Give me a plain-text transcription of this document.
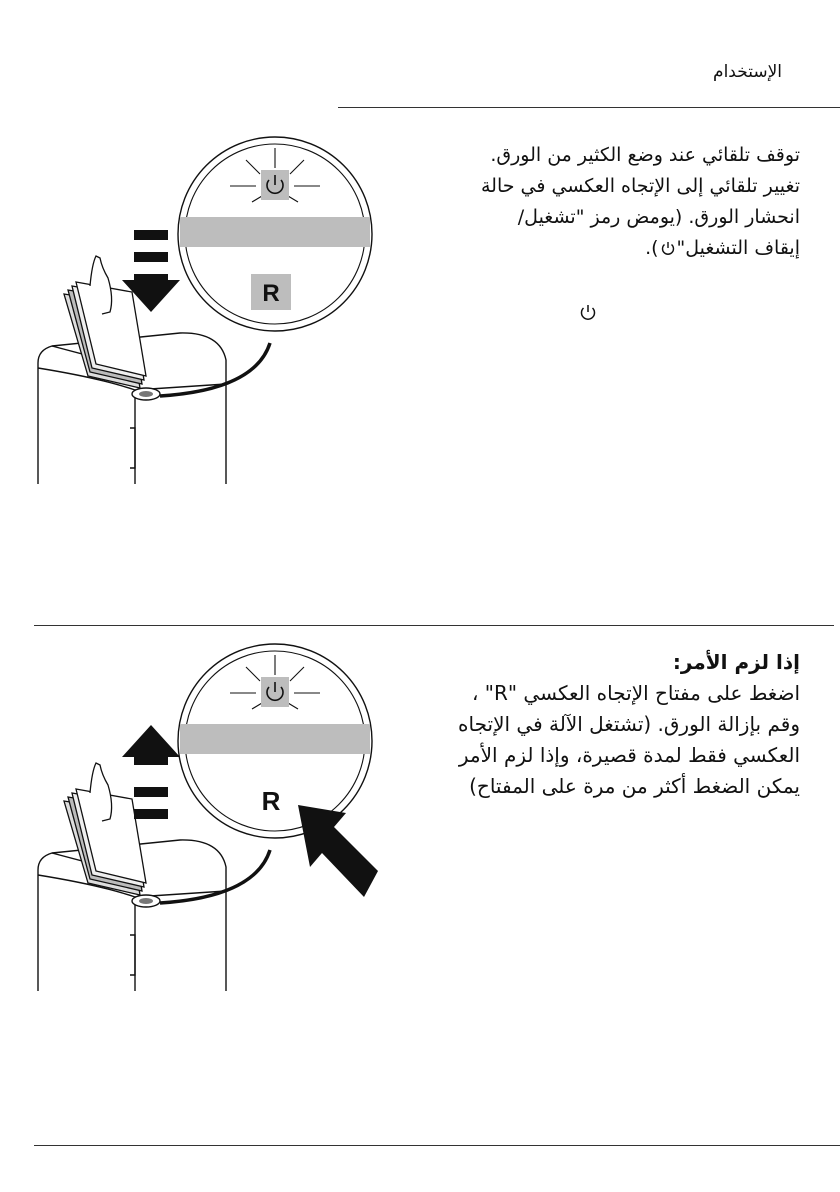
الإستخدام
R

توقف تلقائي عند وضع الكثير من الورق.

تغيير تلقائي إلى الإتجاه العكسي في حالة

انحشار الورق. (يومض رمز "تشغيل/

إيقاف التشغيل").

R

إذا لزم الأمر:

اضغط على مفتاح الإتجاه العكسي "R" ،

وقم بإزالة الورق. (تشتغل الآلة في الإتجاه

العكسي فقط لمدة قصيرة، وإذا لزم الأمر

يمكن الضغط أكثر من مرة على المفتاح)
